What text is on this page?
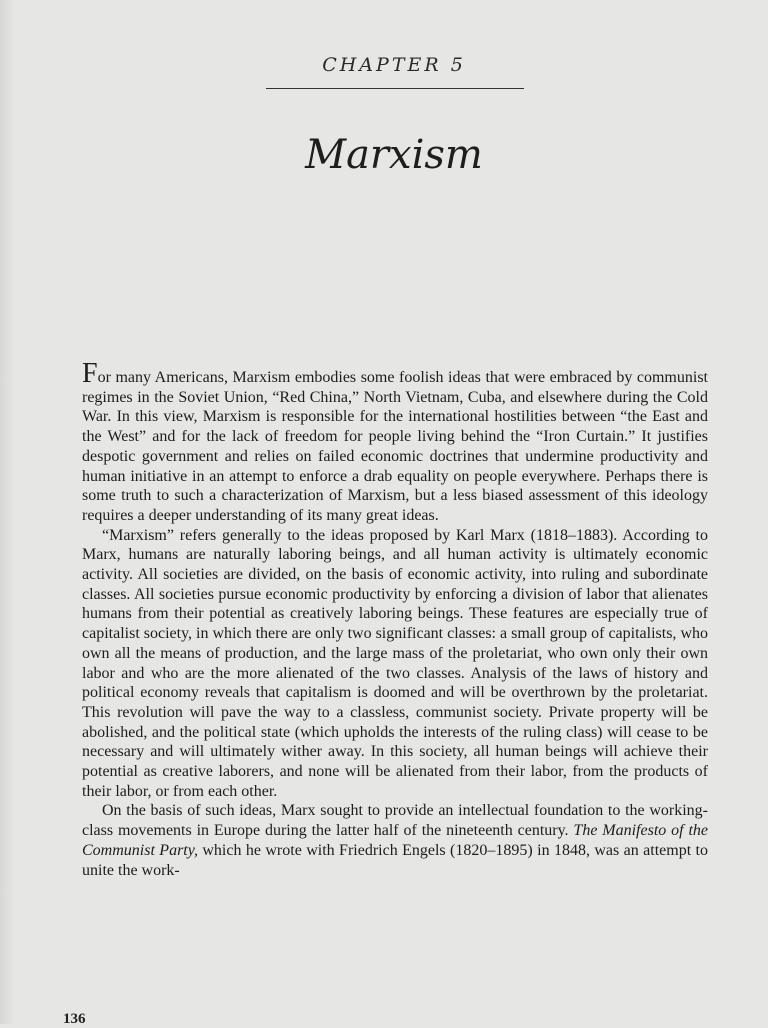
CHAPTER 5
Marxism

For many Americans, Marxism embodies some foolish ideas that were embraced by communist regimes in the Soviet Union, “Red China,” North Vietnam, Cuba, and elsewhere during the Cold War. In this view, Marxism is responsible for the international hostilities between “the East and the West” and for the lack of freedom for people living behind the “Iron Curtain.” It justifies despotic government and relies on failed economic doctrines that undermine productivity and human initiative in an attempt to enforce a drab equality on people everywhere. Perhaps there is some truth to such a characterization of Marxism, but a less biased assessment of this ideology requires a deeper understanding of its many great ideas.

“Marxism” refers generally to the ideas proposed by Karl Marx (1818–1883). According to Marx, humans are naturally laboring beings, and all human activity is ultimately economic activity. All societies are divided, on the basis of economic activity, into ruling and subordinate classes. All societies pursue economic productivity by enforcing a division of labor that alienates humans from their potential as creatively laboring beings. These features are especially true of capitalist society, in which there are only two significant classes: a small group of capitalists, who own all the means of production, and the large mass of the proletariat, who own only their own labor and who are the more alienated of the two classes. Analysis of the laws of history and political economy reveals that capitalism is doomed and will be overthrown by the proletariat. This revolution will pave the way to a classless, communist society. Private property will be abolished, and the political state (which upholds the interests of the ruling class) will cease to be necessary and will ultimately wither away. In this society, all human beings will achieve their potential as creative laborers, and none will be alienated from their labor, from the products of their labor, or from each other.

On the basis of such ideas, Marx sought to provide an intellectual foundation to the working-class movements in Europe during the latter half of the nineteenth century. The Manifesto of the Communist Party, which he wrote with Friedrich Engels (1820–1895) in 1848, was an attempt to unite the work-

136
